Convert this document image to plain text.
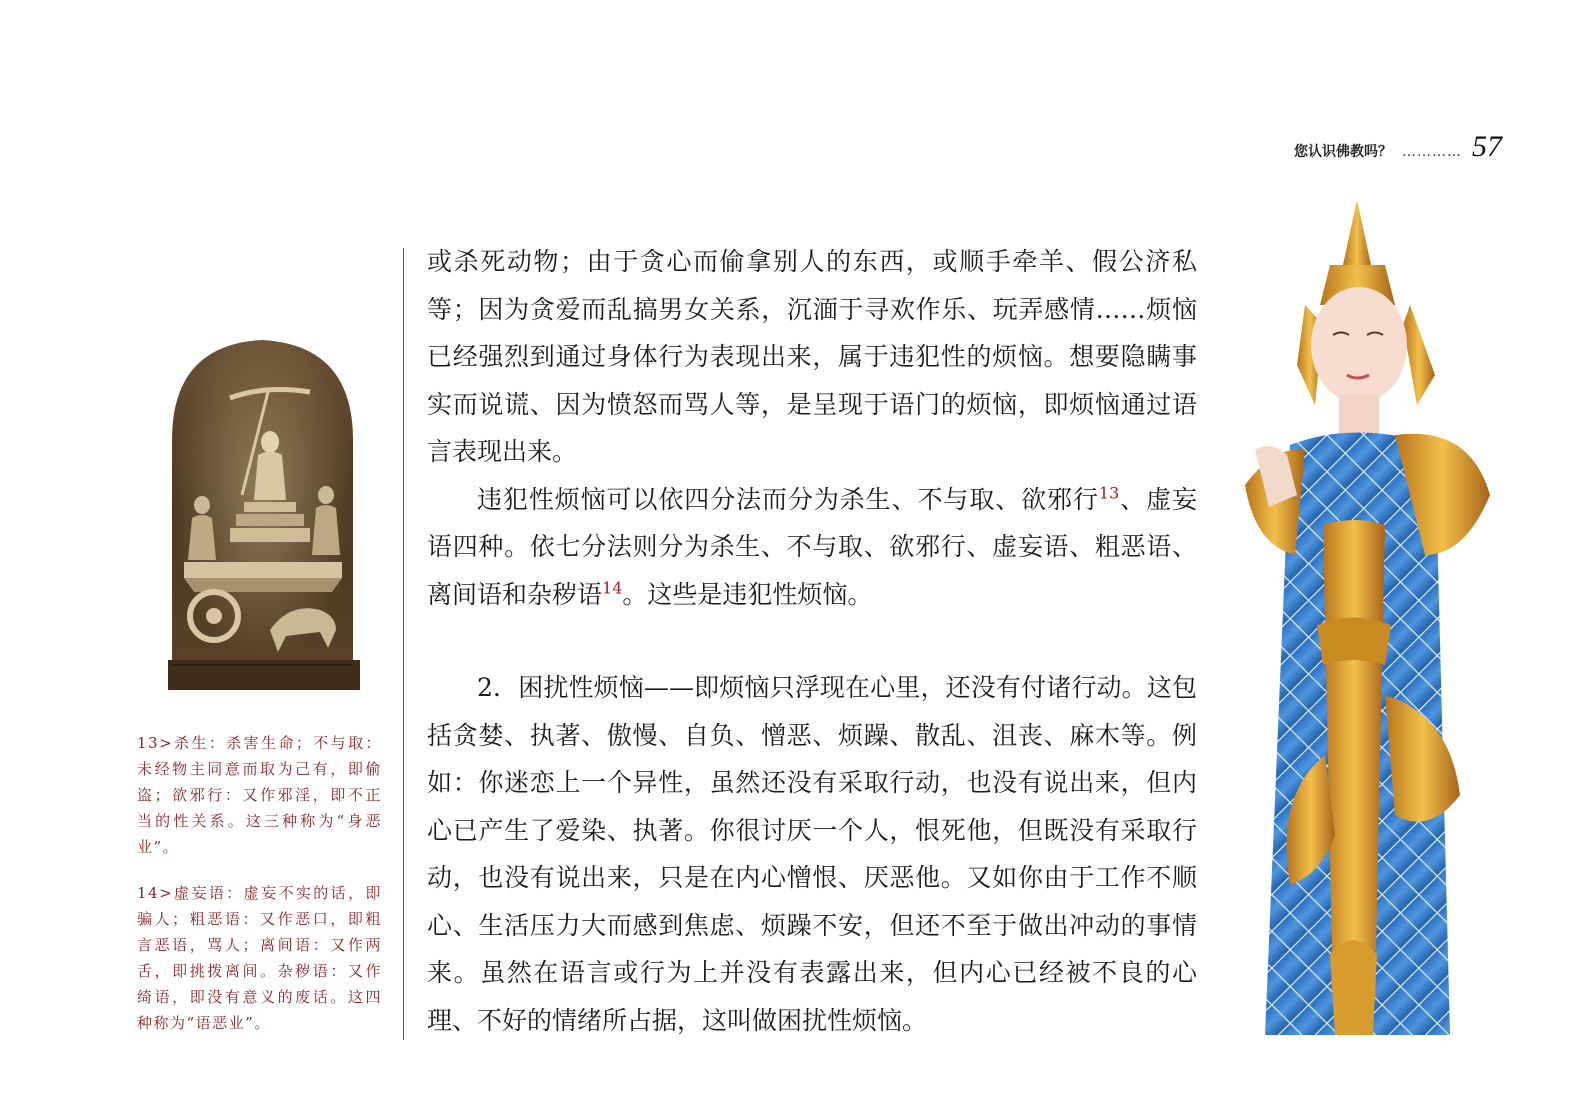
您认识佛教吗？ ………… 57

13>杀生：杀害生命；不与取：未经物主同意而取为己有，即偷盗；欲邪行：又作邪淫，即不正当的性关系。这三种称为“身恶业”。

14>虚妄语：虚妄不实的话，即骗人；粗恶语：又作恶口，即粗言恶语，骂人；离间语：又作两舌，即挑拨离间。杂秽语：又作绮语，即没有意义的废话。这四种称为“语恶业”。

或杀死动物；由于贪心而偷拿别人的东西，或顺手牵羊、假公济私等；因为贪爱而乱搞男女关系，沉湎于寻欢作乐、玩弄感情……烦恼已经强烈到通过身体行为表现出来，属于违犯性的烦恼。想要隐瞒事实而说谎、因为愤怒而骂人等，是呈现于语门的烦恼，即烦恼通过语言表现出来。

违犯性烦恼可以依四分法而分为杀生、不与取、欲邪行$^{13}$、虚妄语四种。依七分法则分为杀生、不与取、欲邪行、虚妄语、粗恶语、离间语和杂秽语$^{14}$。这些是违犯性烦恼。

2．困扰性烦恼——即烦恼只浮现在心里，还没有付诸行动。这包括贪婪、执著、傲慢、自负、憎恶、烦躁、散乱、沮丧、麻木等。例如：你迷恋上一个异性，虽然还没有采取行动，也没有说出来，但内心已产生了爱染、执著。你很讨厌一个人，恨死他，但既没有采取行动，也没有说出来，只是在内心憎恨、厌恶他。又如你由于工作不顺心、生活压力大而感到焦虑、烦躁不安，但还不至于做出冲动的事情来。虽然在语言或行为上并没有表露出来，但内心已经被不良的心理、不好的情绪所占据，这叫做困扰性烦恼。
